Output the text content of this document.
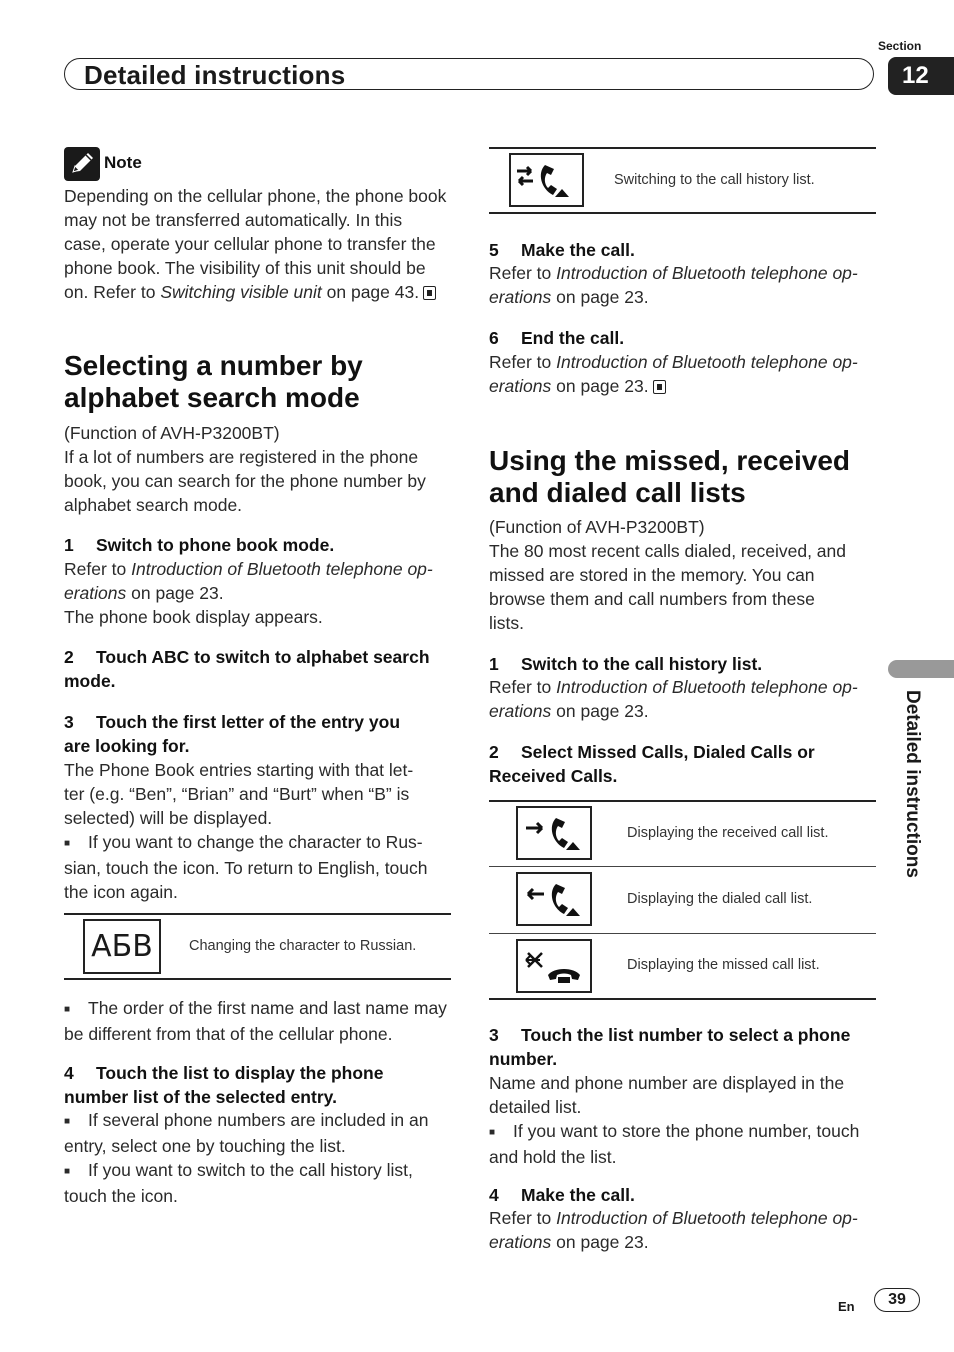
Detailed instructions
Section
12
Detailed instructions
Note
Depending on the cellular phone, the phone book
may not be transferred automatically. In this
case, operate your cellular phone to transfer the
phone book. The visibility of this unit should be
on. Refer to Switching visible unit on page 43.
Selecting a number by
alphabet search mode
(Function of AVH-P3200BT)
If a lot of numbers are registered in the phone
book, you can search for the phone number by
alphabet search mode.
1 Switch to phone book mode.
Refer to Introduction of Bluetooth telephone op-
erations on page 23.
The phone book display appears.
2 Touch ABC to switch to alphabet search
mode.
3 Touch the first letter of the entry you
are looking for.
The Phone Book entries starting with that let-
ter (e.g. “Ben”, “Brian” and “Burt” when “B” is
selected) will be displayed.
■ If you want to change the character to Rus-
sian, touch the icon. To return to English, touch
the icon again.
АБВ	Changing the character to Russian.
■ The order of the first name and last name may
be different from that of the cellular phone.
4 Touch the list to display the phone
number list of the selected entry.
■ If several phone numbers are included in an
entry, select one by touching the list.
■ If you want to switch to the call history list,
touch the icon.
Switching to the call history list.
5 Make the call.
Refer to Introduction of Bluetooth telephone op-
erations on page 23.
6 End the call.
Refer to Introduction of Bluetooth telephone op-
erations on page 23.
Using the missed, received
and dialed call lists
(Function of AVH-P3200BT)
The 80 most recent calls dialed, received, and
missed are stored in the memory. You can
browse them and call numbers from these
lists.
1 Switch to the call history list.
Refer to Introduction of Bluetooth telephone op-
erations on page 23.
2 Select Missed Calls, Dialed Calls or
Received Calls.
Displaying the received call list.
Displaying the dialed call list.
Displaying the missed call list.
3 Touch the list number to select a phone
number.
Name and phone number are displayed in the
detailed list.
■ If you want to store the phone number, touch
and hold the list.
4 Make the call.
Refer to Introduction of Bluetooth telephone op-
erations on page 23.
En	39
